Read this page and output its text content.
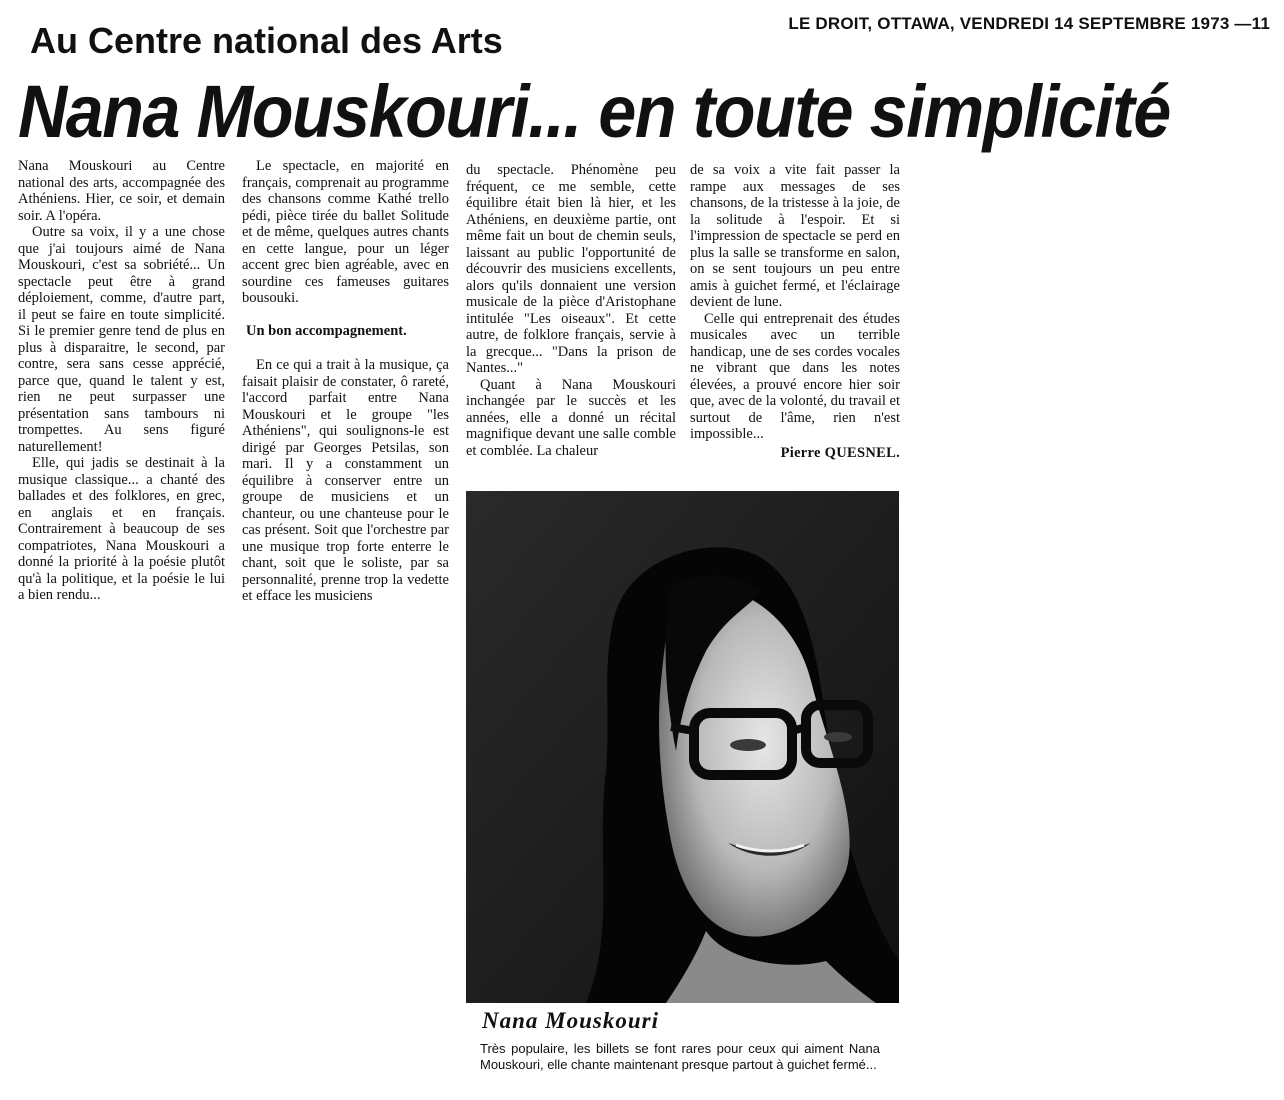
LE DROIT, OTTAWA, VENDREDI 14 SEPTEMBRE 1973 —11
Au Centre national des Arts
Nana Mouskouri... en toute simplicité

Nana Mouskouri au Centre national des arts, accompagnée des Athéniens. Hier, ce soir, et demain soir. A l'opéra.

Outre sa voix, il y a une chose que j'ai toujours aimé de Nana Mouskouri, c'est sa sobriété... Un spectacle peut être à grand déploiement, comme, d'autre part, il peut se faire en toute simplicité. Si le premier genre tend de plus en plus à disparaitre, le second, par contre, sera sans cesse apprécié, parce que, quand le talent y est, rien ne peut surpasser une présentation sans tambours ni trompettes. Au sens figuré naturellement!

Elle, qui jadis se destinait à la musique classique... a chanté des ballades et des folklores, en grec, en anglais et en français. Contrairement à beaucoup de ses compatriotes, Nana Mouskouri a donné la priorité à la poésie plutôt qu'à la politique, et la poésie le lui a bien rendu...

Le spectacle, en majorité en français, comprenait au programme des chansons comme Kathé trello pédi, pièce tirée du ballet Solitude et de même, quelques autres chants en cette langue, pour un léger accent grec bien agréable, avec en sourdine ces fameuses guitares bousouki.

Un bon accompagnement.

En ce qui a trait à la musique, ça faisait plaisir de constater, ô rareté, l'accord parfait entre Nana Mouskouri et le groupe "les Athéniens", qui soulignons-le est dirigé par Georges Petsilas, son mari. Il y a constamment un équilibre à conserver entre un groupe de musiciens et un chanteur, ou une chanteuse pour le cas présent. Soit que l'orchestre par une musique trop forte enterre le chant, soit que le soliste, par sa personnalité, prenne trop la vedette et efface les musiciens

du spectacle. Phénomène peu fréquent, ce me semble, cette équilibre était bien là hier, et les Athéniens, en deuxième partie, ont même fait un bout de chemin seuls, laissant au public l'opportunité de découvrir des musiciens excellents, alors qu'ils donnaient une version musicale de la pièce d'Aristophane intitulée "Les oiseaux". Et cette autre, de folklore français, servie à la grecque... "Dans la prison de Nantes..."

Quant à Nana Mouskouri inchangée par le succès et les années, elle a donné un récital magnifique devant une salle comble et comblée. La chaleur

de sa voix a vite fait passer la rampe aux messages de ses chansons, de la tristesse à la joie, de la solitude à l'espoir. Et si l'impression de spectacle se perd en plus la salle se transforme en salon, on se sent toujours un peu entre amis à guichet fermé, et l'éclairage devient de lune.

Celle qui entreprenait des études musicales avec un terrible handicap, une de ses cordes vocales ne vibrant que dans les notes élevées, a prouvé encore hier soir que, avec de la volonté, du travail et surtout de l'âme, rien n'est impossible...

Pierre QUESNEL.

Nana Mouskouri
Très populaire, les billets se font rares pour ceux qui aiment Nana Mouskouri, elle chante maintenant presque partout à guichet fermé...
